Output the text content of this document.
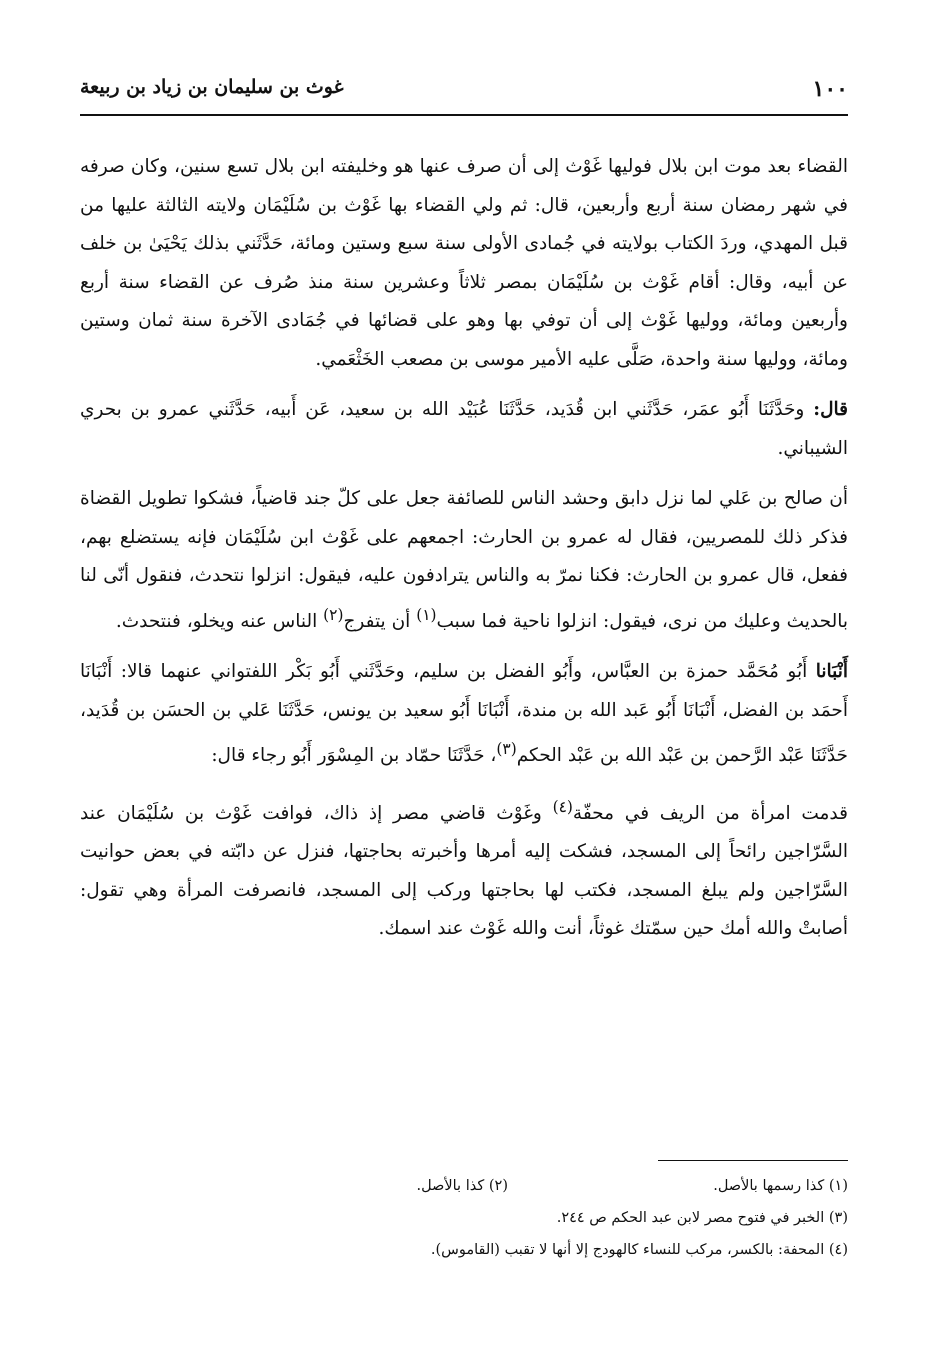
١٠٠
غوث بن سليمان بن زياد بن ربيعة

القضاء بعد موت ابن بلال فوليها غَوْث إلى أن صرف عنها هو وخليفته ابن بلال تسع سنين، وكان صرفه في شهر رمضان سنة أربع وأربعين، قال: ثم ولي القضاء بها غَوْث بن سُلَيْمَان ولايته الثالثة عليها من قبل المهدي، وردَ الكتاب بولايته في جُمادى الأولى سنة سبع وستين ومائة، حَدَّثَني بذلك يَحْيَىٰ بن خلف عن أبيه، وقال: أقام غَوْث بن سُلَيْمَان بمصر ثلاثاً وعشرين سنة منذ صُرف عن القضاء سنة أربع وأربعين ومائة، ووليها غَوْث إلى أن توفي بها وهو على قضائها في جُمَادى الآخرة سنة ثمان وستين ومائة، ووليها سنة واحدة، صَلَّى عليه الأمير موسى بن مصعب الخَثْعَمي.

قال: وحَدَّثَنَا أَبُو عمَر، حَدَّثَني ابن قُدَيد، حَدَّثَنَا عُبَيْد الله بن سعيد، عَن أَبيه، حَدَّثَني عمرو بن بحري الشيباني.

أن صالح بن عَلي لما نزل دابق وحشد الناس للصائفة جعل على كلّ جند قاضياً، فشكوا تطويل القضاة فذكر ذلك للمصريين، فقال له عمرو بن الحارث: اجمعهم على غَوْث ابن سُلَيْمَان فإنه يستضلع بهم، ففعل، قال عمرو بن الحارث: فكنا نمرّ به والناس يترادفون عليه، فيقول: انزلوا نتحدث، فنقول أنّى لنا بالحديث وعليك من نرى، فيقول: انزلوا ناحية فما سبب$^{(١)}$ أن يتفرج$^{(٢)}$ الناس عنه ويخلو، فنتحدث.

أَنْبَانا أَبُو مُحَمَّد حمزة بن العبَّاس، وأَبُو الفضل بن سليم، وحَدَّثَني أَبُو بَكْر اللفتواني عنهما قالا: أَنْبَانَا أَحمَد بن الفضل، أَنْبَانَا أَبُو عَبد الله بن مندة، أَنْبَانَا أَبُو سعيد بن يونس، حَدَّثَنَا عَلي بن الحسَن بن قُدَيد، حَدَّثَنَا عَبْد الرَّحمن بن عَبْد الله بن عَبْد الحكم$^{(٣)}$، حَدَّثَنَا حمّاد بن المِسْوَر أَبُو رجاء قال:

قدمت امرأة من الريف في محفّة$^{(٤)}$ وغَوْث قاضي مصر إذ ذاك، فوافت غَوْث بن سُلَيْمَان عند السَّرّاجين رائحاً إلى المسجد، فشكت إليه أمرها وأخبرته بحاجتها، فنزل عن دابّته في بعض حوانيت السَّرّاجين ولم يبلغ المسجد، فكتب لها بحاجتها وركب إلى المسجد، فانصرفت المرأة وهي تقول: أصابتْ والله أمك حين سمّتك غوثاً، أنت والله غَوْث عند اسمك.

(١) كذا رسمها بالأصل.
(٢) كذا بالأصل.
(٣) الخبر في فتوح مصر لابن عبد الحكم ص ٢٤٤.
(٤) المحفة: بالكسر، مركب للنساء كالهودج إلا أنها لا تقبب (القاموس).
